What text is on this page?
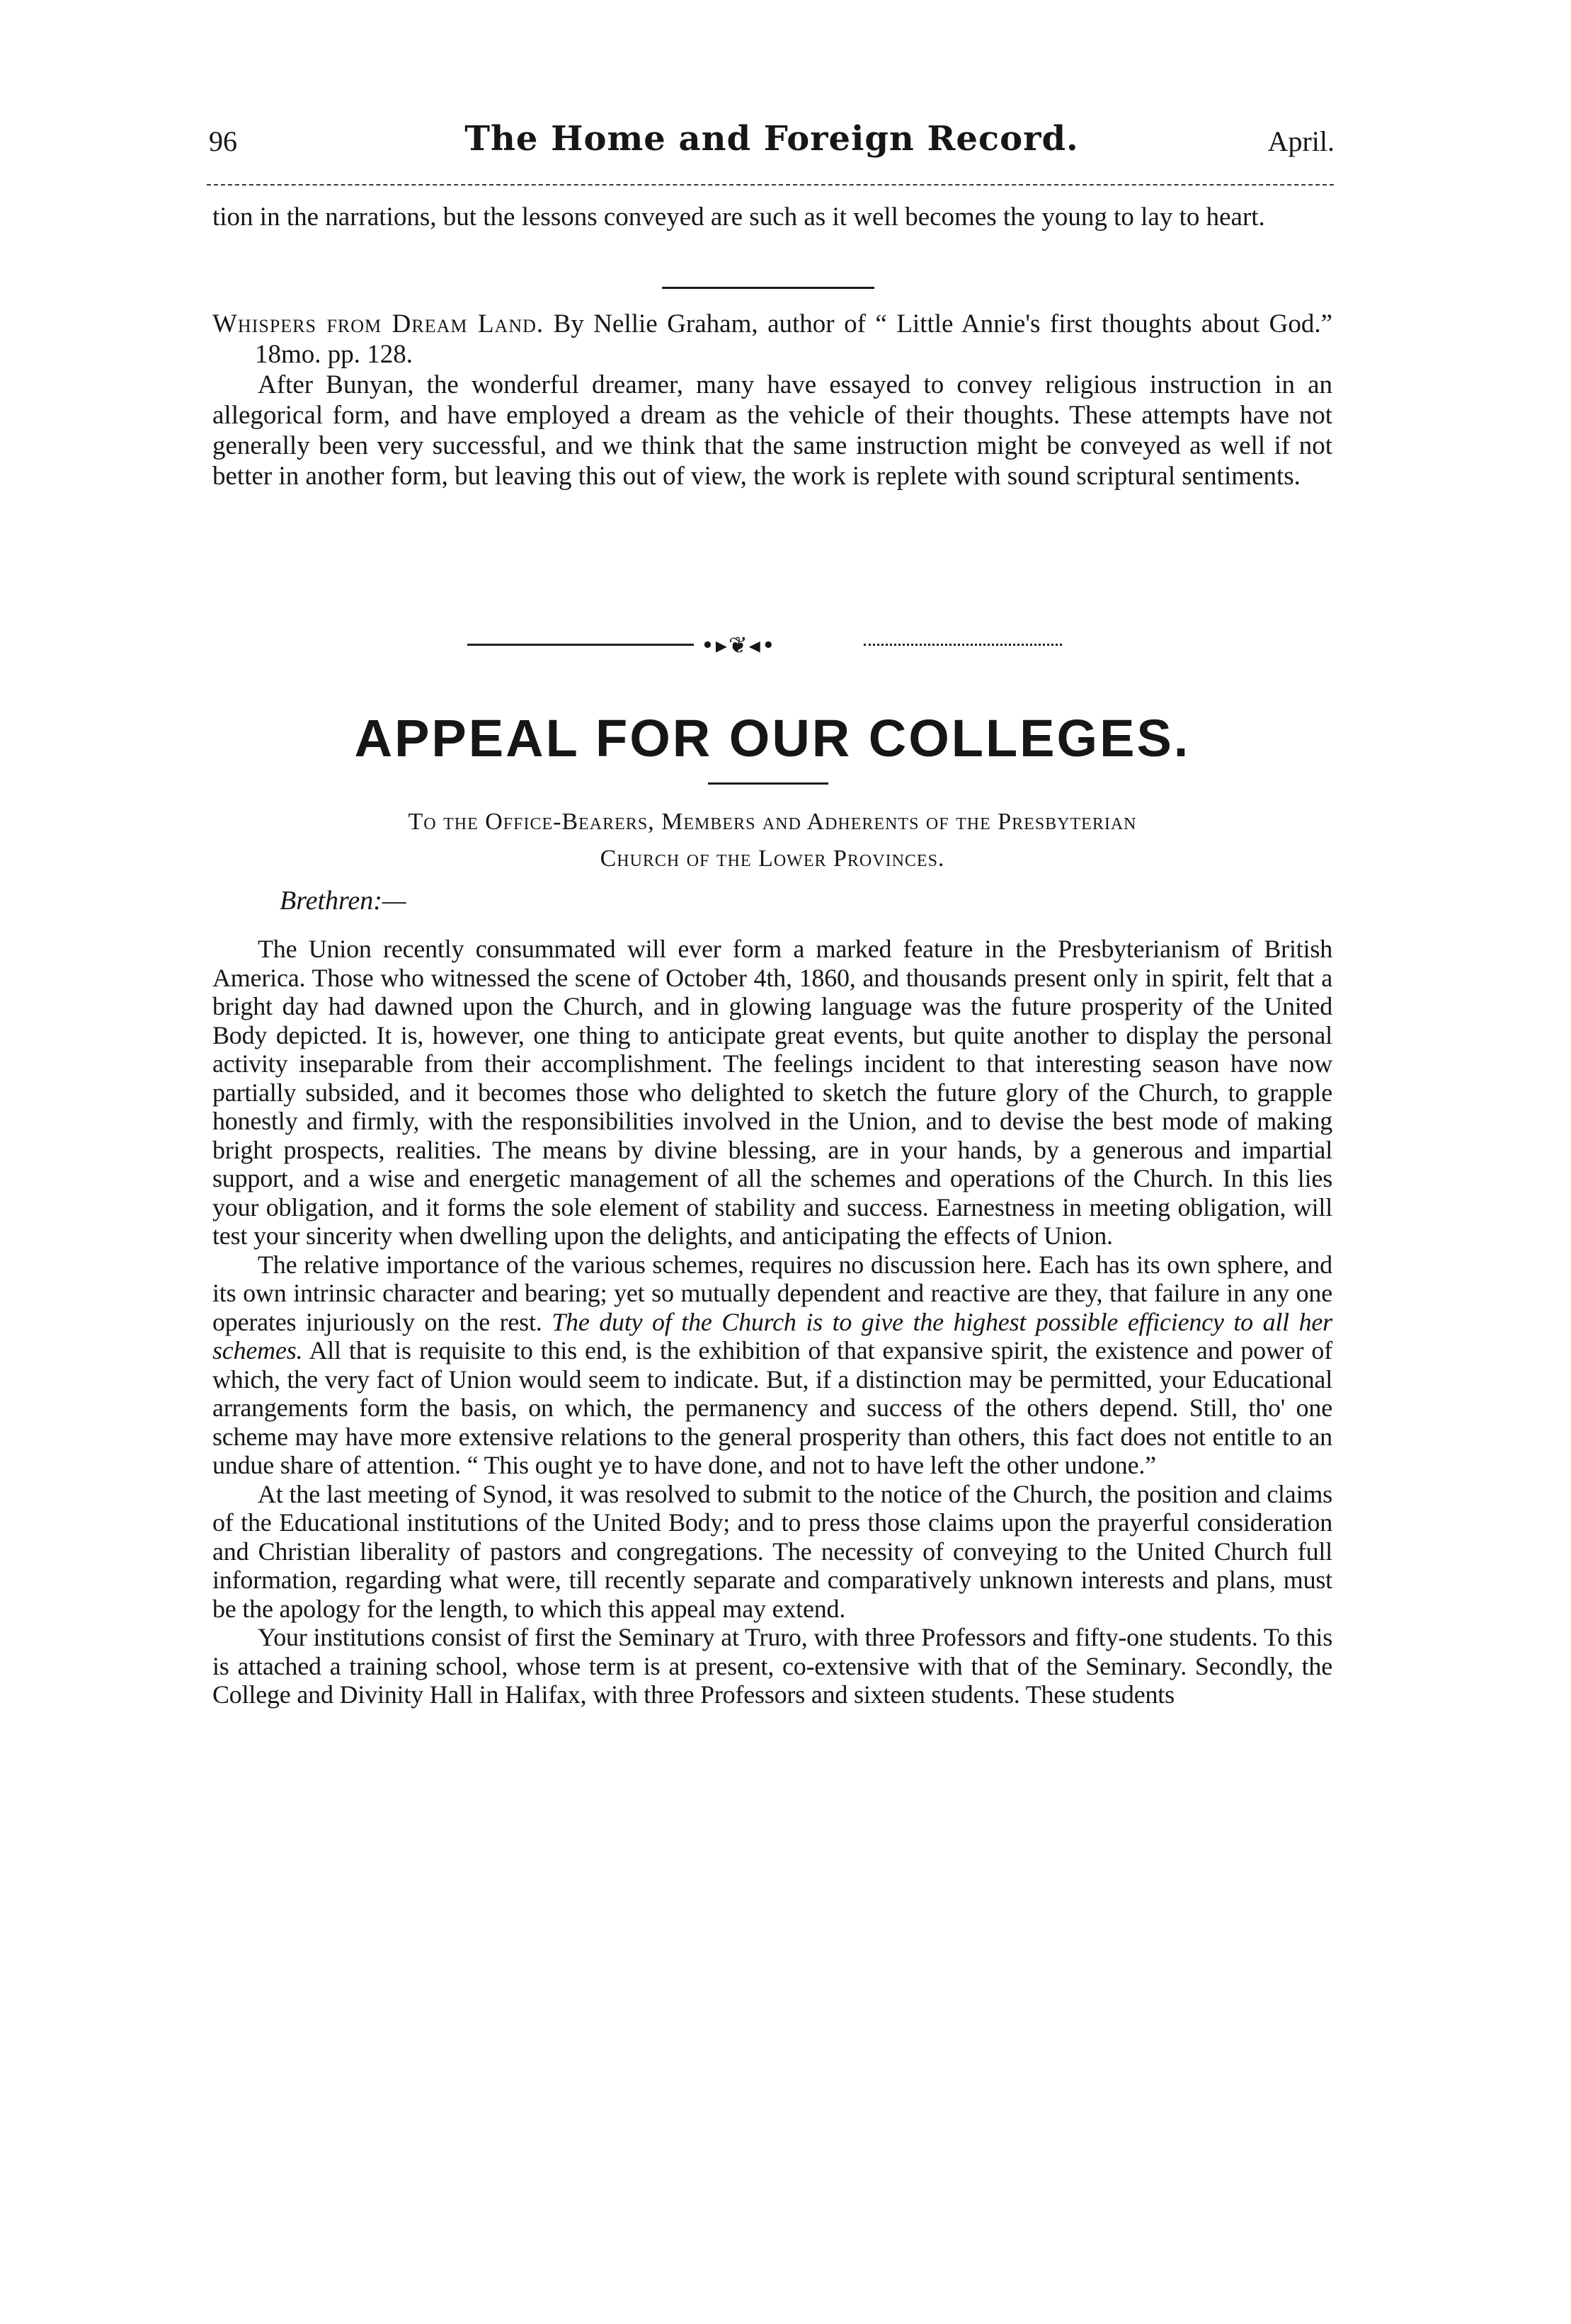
96	The Home and Foreign Record.	April.

tion in the narrations, but the lessons conveyed are such as it well becomes the young to lay to heart.

Whispers from Dream Land. By Nellie Graham, author of “ Little Annie's first thoughts about God.” 18mo. pp. 128.

After Bunyan, the wonderful dreamer, many have essayed to convey religious instruction in an allegorical form, and have employed a dream as the vehicle of their thoughts. These attempts have not generally been very successful, and we think that the same instruction might be conveyed as well if not better in another form, but leaving this out of view, the work is replete with sound scriptural sentiments.

•▸❦◂•
APPEAL FOR OUR COLLEGES.
To the Office-Bearers, Members and Adherents of the Presbyterian
Church of the Lower Provinces.
Brethren:—

The Union recently consummated will ever form a marked feature in the Presbyterianism of British America. Those who witnessed the scene of October 4th, 1860, and thousands present only in spirit, felt that a bright day had dawned upon the Church, and in glowing language was the future prosperity of the United Body depicted. It is, however, one thing to anticipate great events, but quite another to display the personal activity inseparable from their accomplishment. The feelings incident to that interesting season have now partially subsided, and it becomes those who delighted to sketch the future glory of the Church, to grapple honestly and firmly, with the responsibilities involved in the Union, and to devise the best mode of making bright prospects, realities. The means by divine blessing, are in your hands, by a generous and impartial support, and a wise and energetic management of all the schemes and operations of the Church. In this lies your obligation, and it forms the sole element of stability and success. Earnestness in meeting obligation, will test your sincerity when dwelling upon the delights, and anticipating the effects of Union.

The relative importance of the various schemes, requires no discussion here. Each has its own sphere, and its own intrinsic character and bearing; yet so mutually dependent and reactive are they, that failure in any one operates injuriously on the rest. The duty of the Church is to give the highest possible efficiency to all her schemes. All that is requisite to this end, is the exhibition of that expansive spirit, the existence and power of which, the very fact of Union would seem to indicate. But, if a distinction may be permitted, your Educational arrangements form the basis, on which, the permanency and success of the others depend. Still, tho' one scheme may have more extensive relations to the general prosperity than others, this fact does not entitle to an undue share of attention. “ This ought ye to have done, and not to have left the other undone.”

At the last meeting of Synod, it was resolved to submit to the notice of the Church, the position and claims of the Educational institutions of the United Body; and to press those claims upon the prayerful consideration and Christian liberality of pastors and congregations. The necessity of conveying to the United Church full information, regarding what were, till recently separate and comparatively unknown interests and plans, must be the apology for the length, to which this appeal may extend.

Your institutions consist of first the Seminary at Truro, with three Professors and fifty-one students. To this is attached a training school, whose term is at present, co-extensive with that of the Seminary. Secondly, the College and Divinity Hall in Halifax, with three Professors and sixteen students. These students
